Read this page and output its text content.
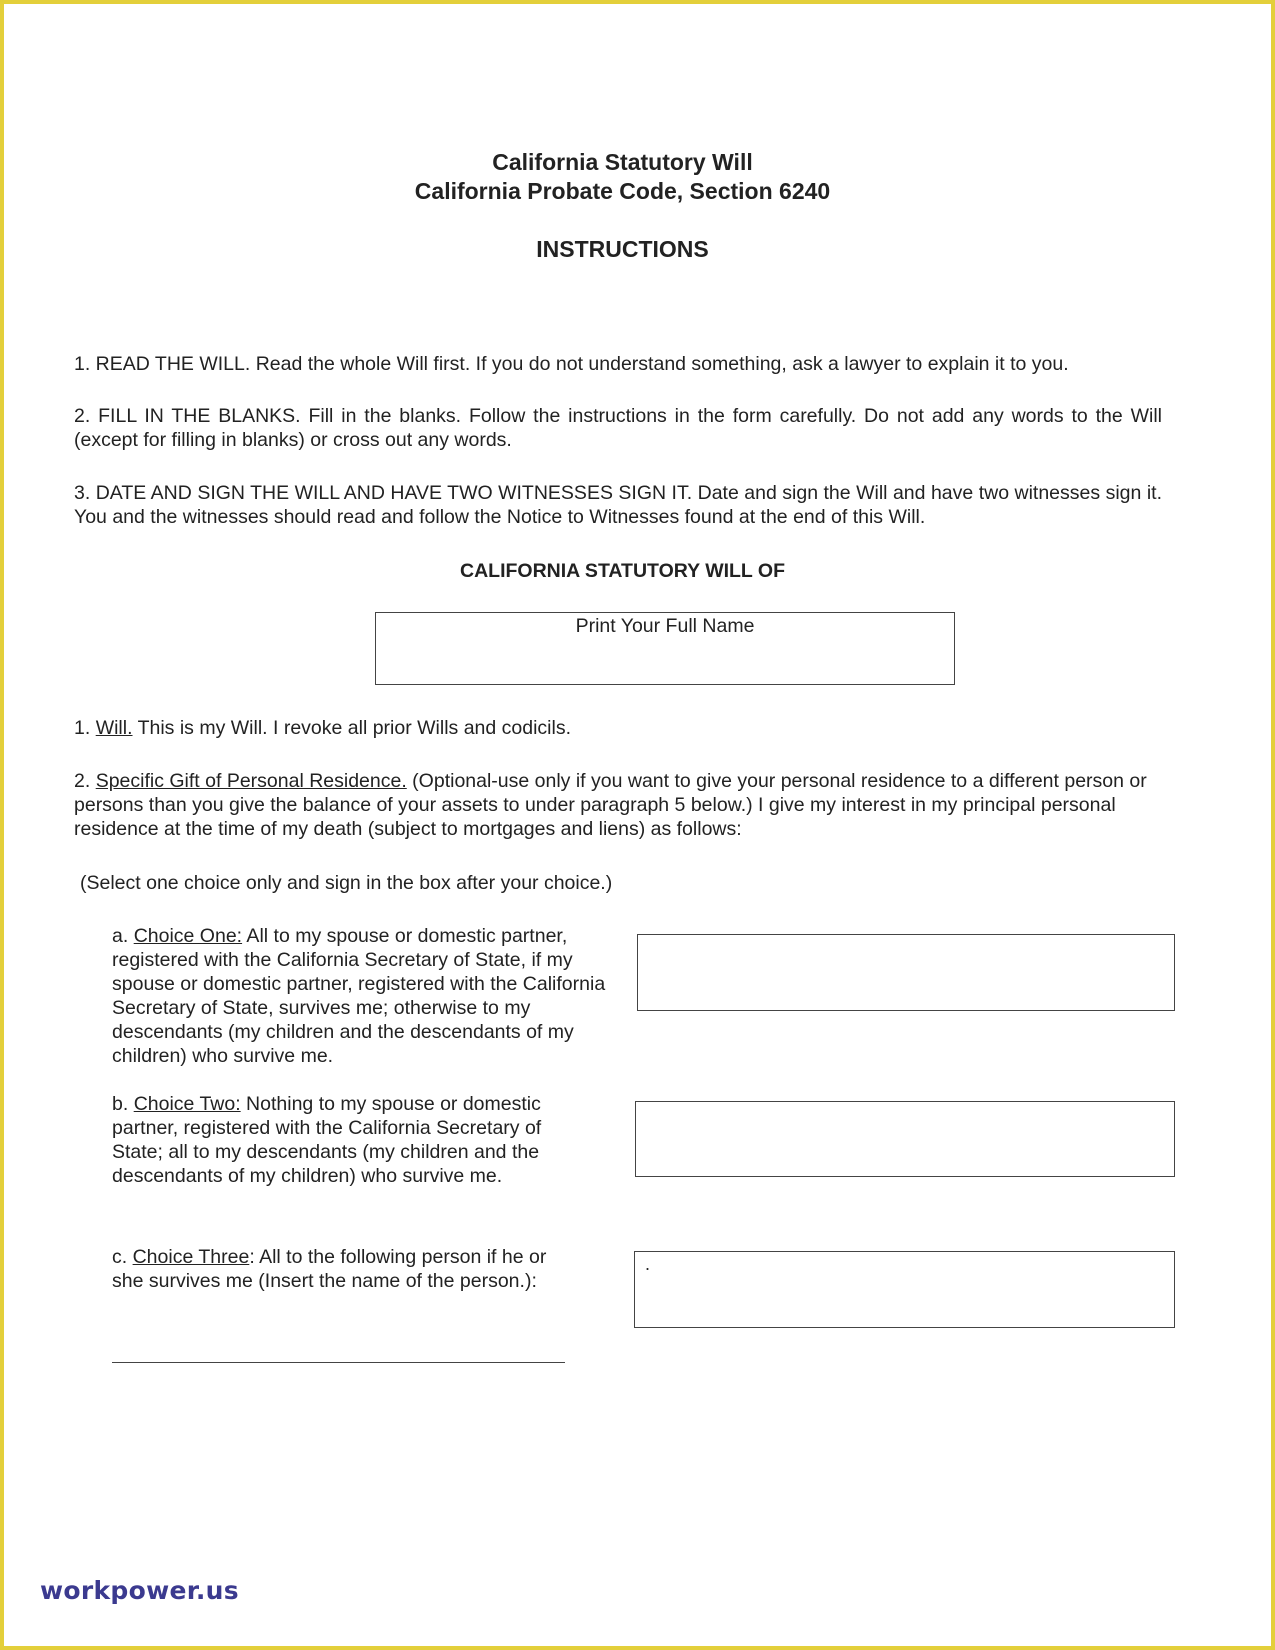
California Statutory Will
California Probate Code, Section 6240
INSTRUCTIONS

1. READ THE WILL. Read the whole Will first. If you do not understand something, ask a lawyer to explain it to you.

2. FILL IN THE BLANKS. Fill in the blanks. Follow the instructions in the form carefully. Do not add any words to the Will (except for filling in blanks) or cross out any words.

3. DATE AND SIGN THE WILL AND HAVE TWO WITNESSES SIGN IT. Date and sign the Will and have two witnesses sign it. You and the witnesses should read and follow the Notice to Witnesses found at the end of this Will.

CALIFORNIA STATUTORY WILL OF
Print Your Full Name

1. Will. This is my Will. I revoke all prior Wills and codicils.

2. Specific Gift of Personal Residence. (Optional-use only if you want to give your personal residence to a different person or persons than you give the balance of your assets to under paragraph 5 below.) I give my interest in my principal personal residence at the time of my death (subject to mortgages and liens) as follows:

(Select one choice only and sign in the box after your choice.)

a. Choice One: All to my spouse or domestic partner, registered with the California Secretary of State, if my spouse or domestic partner, registered with the California Secretary of State, survives me; otherwise to my descendants (my children and the descendants of my children) who survive me.

b. Choice Two: Nothing to my spouse or domestic partner, registered with the California Secretary of State; all to my descendants (my children and the descendants of my children) who survive me.

c. Choice Three: All to the following person if he or she survives me (Insert the name of the person.):

.
workpower.us
